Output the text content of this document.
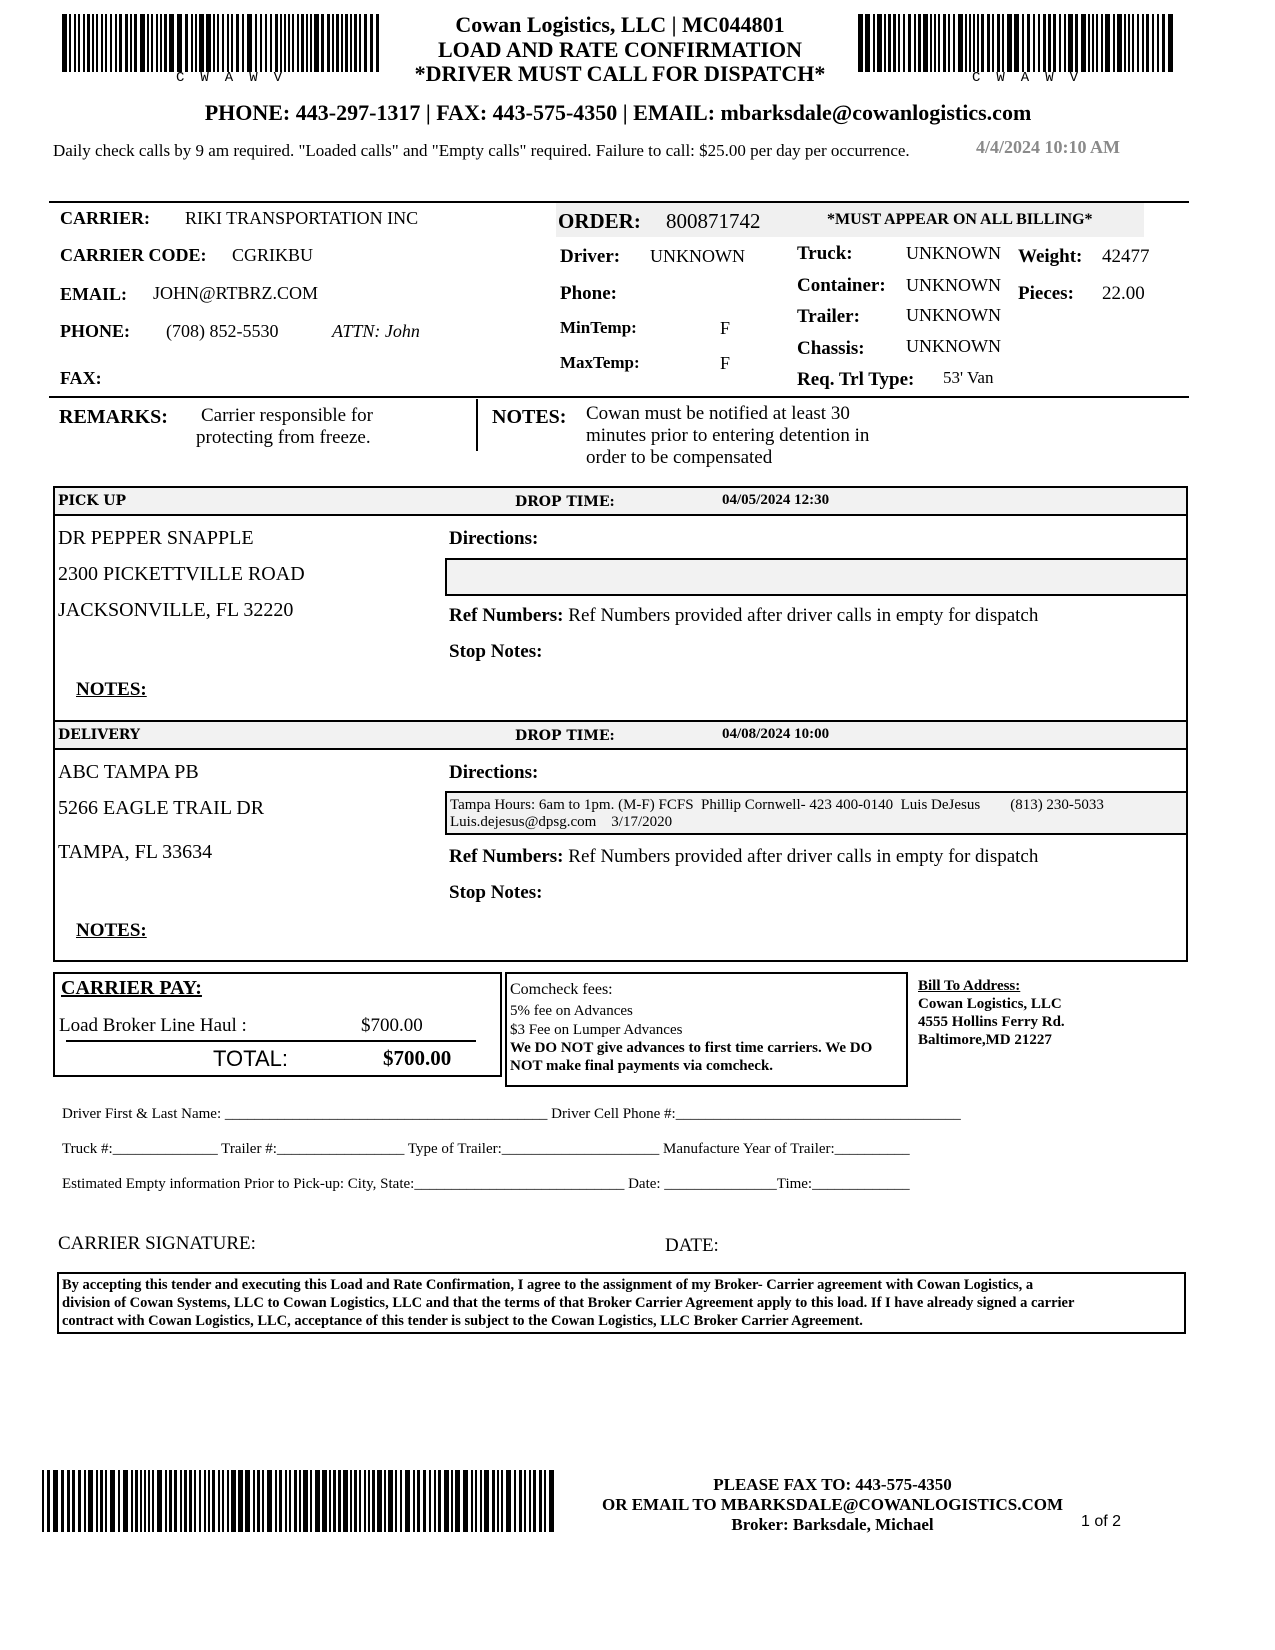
CWAWV	CWAWV
Cowan Logistics, LLC | MC044801
LOAD AND RATE CONFIRMATION
*DRIVER MUST CALL FOR DISPATCH*
PHONE: 443-297-1317 | FAX: 443-575-4350 | EMAIL: mbarksdale@cowanlogistics.com
Daily check calls by 9 am required. "Loaded calls" and "Empty calls" required. Failure to call: $25.00 per day per occurrence.	4/4/2024 10:10 AM
CARRIER: RIKI TRANSPORTATION INC
CARRIER CODE: CGRIKBU
EMAIL: JOHN@RTBRZ.COM
PHONE: (708) 852-5530	ATTN: John
FAX:
ORDER: 800871742	*MUST APPEAR ON ALL BILLING*
Driver: UNKNOWN
Phone:
MinTemp:	F
MaxTemp:	F
Truck:	UNKNOWN
Container: UNKNOWN
Trailer:	UNKNOWN
Chassis: UNKNOWN
Req. Trl Type: 53' Van
Weight: 42477
Pieces: 22.00
REMARKS: Carrier responsible for
protecting from freeze.
NOTES: Cowan must be notified at least 30
minutes prior to entering detention in
order to be compensated
PICK UP	DROP TIME:	04/05/2024 12:30
DR PEPPER SNAPPLE
2300 PICKETTVILLE ROAD
JACKSONVILLE, FL 32220
NOTES:
Directions:
Ref Numbers: Ref Numbers provided after driver calls in empty for dispatch
Stop Notes:
DELIVERY	DROP TIME:	04/08/2024 10:00
ABC TAMPA PB
5266 EAGLE TRAIL DR
TAMPA, FL 33634
NOTES:
Directions:
Tampa Hours: 6am to 1pm. (M-F) FCFS  Phillip Cornwell- 423 400-0140  Luis DeJesus        (813) 230-5033
Luis.dejesus@dpsg.com    3/17/2020
Ref Numbers: Ref Numbers provided after driver calls in empty for dispatch
Stop Notes:
CARRIER PAY:
Load Broker Line Haul :	$700.00
TOTAL:	$700.00
Comcheck fees:
5% fee on Advances
$3 Fee on Lumper Advances
We DO NOT give advances to first time carriers. We DO
NOT make final payments via comcheck.
Bill To Address:
Cowan Logistics, LLC
4555 Hollins Ferry Rd.
Baltimore,MD 21227
Driver First & Last Name: ___________________________________________ Driver Cell Phone #:______________________________________
Truck #:______________ Trailer #:_________________ Type of Trailer:_____________________ Manufacture Year of Trailer:__________
Estimated Empty information Prior to Pick-up: City, State:____________________________ Date: _______________Time:_____________
CARRIER SIGNATURE:	DATE:
By accepting this tender and executing this Load and Rate Confirmation, I agree to the assignment of my Broker- Carrier agreement with Cowan Logistics, a
division of Cowan Systems, LLC to Cowan Logistics, LLC and that the terms of that Broker Carrier Agreement apply to this load. If I have already signed a carrier
contract with Cowan Logistics, LLC, acceptance of this tender is subject to the Cowan Logistics, LLC Broker Carrier Agreement.
PLEASE FAX TO: 443-575-4350
OR EMAIL TO MBARKSDALE@COWANLOGISTICS.COM
Broker: Barksdale, Michael	1 of 2
